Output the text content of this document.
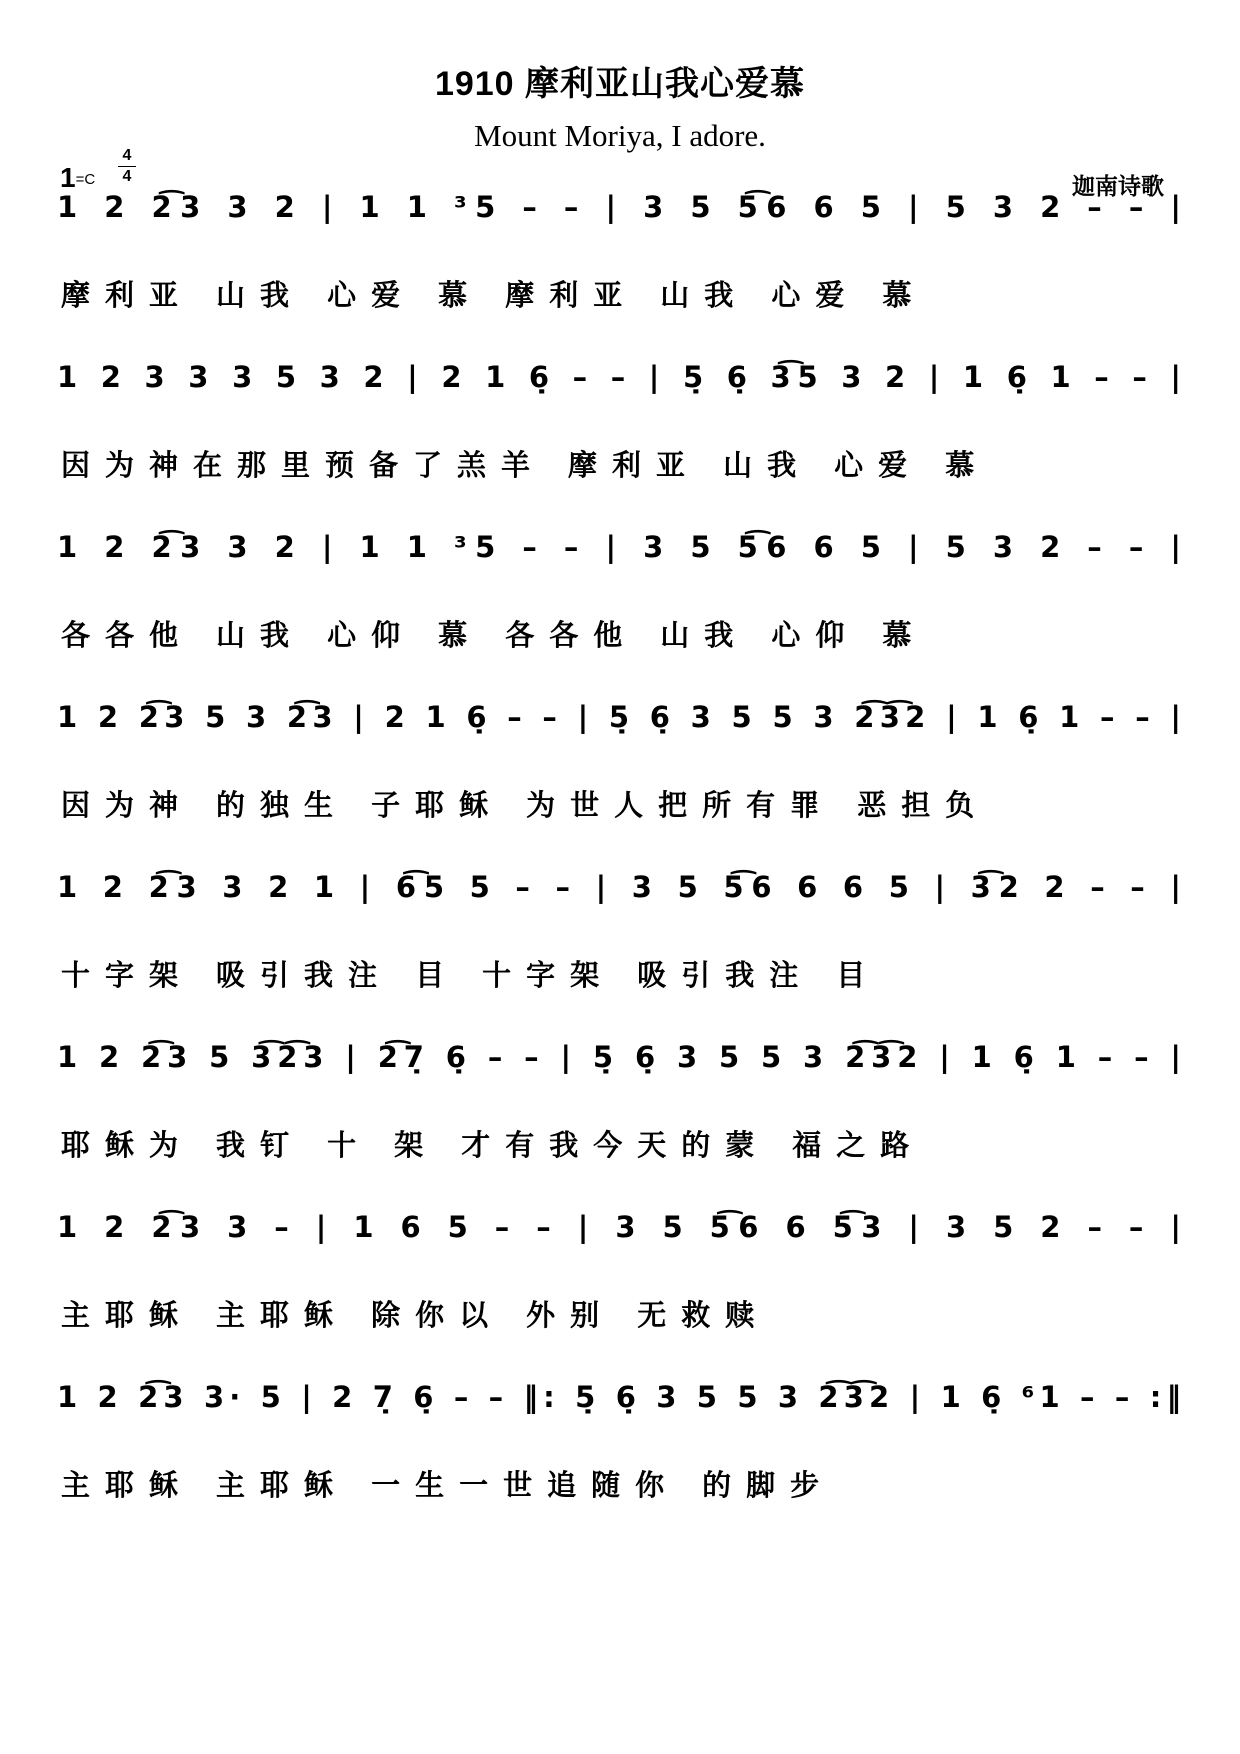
1910 摩利亚山我心爱慕
Mount Moriya, I adore.
1=C
4
4	迦南诗歌
1 2 2͡3 3 2 | 1 1 ³5 – – | 3 5 5͡6 6 5 | 5 3 2 – – |
摩利亚 山我 心爱 慕 摩利亚 山我 心爱 慕
1 2 3 3 3 5 3 2 | 2 1 6̣ – – | 5̣ 6̣ 3͡5 3 2 | 1 6̣ 1 – – |
因为神在那里预备了羔羊 摩利亚 山我 心爱 慕
1 2 2͡3 3 2 | 1 1 ³5 – – | 3 5 5͡6 6 5 | 5 3 2 – – |
各各他 山我 心仰 慕 各各他 山我 心仰 慕
1 2 2͡3 5 3 2͡3 | 2 1 6̣ – – | 5̣ 6̣ 3 5 5 3 2͡3͡2 | 1 6̣ 1 – – |
因为神 的独生 子耶稣 为世人把所有罪 恶担负
1 2 2͡3 3 2 1 | 6͡5 5 – – | 3 5 5͡6 6 6 5 | 3͡2 2 – – |
十字架 吸引我注 目 十字架 吸引我注 目
1 2 2͡3 5 3͡2͡3 | 2͡7̣ 6̣ – – | 5̣ 6̣ 3 5 5 3 2͡3͡2 | 1 6̣ 1 – – |
耶稣为 我钉 十 架 才有我今天的蒙 福之路
1 2 2͡3 3 – | 1 6 5 – – | 3 5 5͡6 6 5͡3 | 3 5 2 – – |
主耶稣 主耶稣 除你以 外别 无救赎
1 2 2͡3 3· 5 | 2 7̣ 6̣ – – ‖: 5̣ 6̣ 3 5 5 3 2͡3͡2 | 1 6̣ ⁶1 – – :‖
主耶稣 主耶稣 一生一世追随你 的脚步
